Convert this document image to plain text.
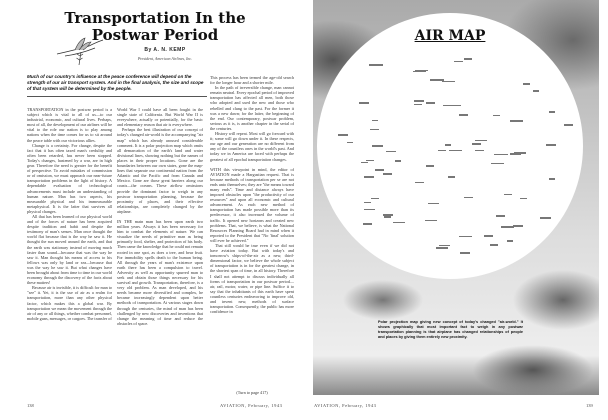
Transportation In the Postwar Period
By A. N. KEMP
President, American Airlines, Inc.
Much of our country's influence at the peace conference will depend on the strength of our air transport system. And in the final analysis, the size and scope of that system will be determined by the people.

TRANSPORTATION in the postwar period is a subject which is vital to all of us—to our industrial, economic, and cultural lives. Perhaps, most of all, the development of our airlines will be vital to the role our nation is to play among nations when the time comes for us to sit around the peace table with our victorious allies.

Change is a certainty. For change, despite the fact that it has often taxed man's credulity and often been retarded, has never been stopped. Today's changes, hastened by a war, are in high gear. Therefore the need is greater for the benefit of perspective. To avoid mistakes of commission or of omission, we must approach our near-future transportation problems in the light of history. A dependable evaluation of technological advancements must include an understanding of human nature. Man has two aspects, his measurable physical and his immeasurable metaphysical. It is the latter that survives all physical changes.

All that has been learned of our physical world and of the forces of nature has been acquired despite tradition and habit and despite the testimony of man's senses. Man once thought the world flat because that is the way he saw it. He thought the sun moved around the earth, and that the earth was stationary instead of moving much faster than sound—because that was the way he saw it. Man thought his means of access to his fellows was only by land or sea—because that was the way he saw it. But what changes have been brought about from time to time in our world economy through the discovery of the facts about these matters!

Because air is invisible, it is difficult for man to "see" it. Yet, it is the use of air as a realm for transportation, more than any other physical factor, which makes this a global war. By transportation we mean the movement through the air of any or all things, whether combat personnel, mobile guns, messages, or cargoes. The transfer of

World War I could have all been fought in the single state of California. But World War II is everywhere, actually or potentially, for the basic and elementary reason that air is everywhere.

Perhaps the best illustration of our concept of today's changed air-world is the accompanying "air map" which has already aroused considerable comment. It is a polar projection map which omits all demarcation of the earth's land and water divisional lines, showing nothing but the names of places in their proper locations. Gone are the boundaries between our own states, gone the map-lines that separate our continental nation from the Atlantic and the Pacific and from Canada and Mexico. Gone are those great barriers along our coasts—the oceans. These airflow omissions provide the dominant factor to weigh in any postwar transportation planning, because the proximity of places, and their effective relationships, are completely changed by the airplane.

IN THE main man has been upon earth two million years. Always it has been necessary for him to combat the elements of nature. We can visualize the needs of primitive man as being primarily food, shelter, and protection of his body. Then came the knowledge that he could not remain rooted in one spot, as does a tree, and bear fruit. For immobility spells death to the human being. All through the years of man's existence upon earth there has been a compulsion to travel. Adversity as well as opportunity spurred man to seek and obtain those things necessary for his survival and growth. Transportation, therefore, is a very old problem. As man developed, and his needs became more diversified and complex, he became increasingly dependent upon better methods of transportation. At various stages down through the centuries, the mind of man has been challenged by new discoveries and inventions that change the meaning of time and reduce the obstacles of space.

This process has been termed the age-old search for the longer hour and a shorter mile.

In the path of irreversible change, man cannot remain neutral. Every epochal period of improved transportation has affected all men, both those who adopted and used the new and those who rebelled and clung to the past. For the former it was a new dawn; for the latter, the beginning of the end. Our contemporary, postwar problem, serious as it is, is another chapter in the serial of the centuries.

History will repeat. Most will go forward with it; some will go down under it. In these respects, our age and our generation are no different from any of the countless ones in the world's past. And today we in America are faced with perhaps the greatest of all epochal transportation changes.

WITH this viewpoint in mind, the editor of AVIATION made a Hargustian request. That is because methods of transportation per se are not ends unto themselves; they are "the means toward many ends". Time and distance always have imposed obstacles upon "the productivity of our resources" and upon all economic and cultural advancement. As each new method of transportation has made possible more than its predecessor, it also increased the volume of traffic. It opened new horizons and created new problems. That, we believe, is what the National Resources Planning Board had in mind when it reported to the President that "No 'final' solution will ever be achieved."

That still would be true even if we did not have aviation today. But with today's and tomorrow's ships-of-the-air as a new, third-dimensional factor, we believe the whole subject of transportation is in for the greatest change, in the shortest span of time, in all history. Therefore I shall not attempt to discuss individually all forms of transportation in our postwar period—air, rail, motor, water, or pipe line. Suffice it to say that the inhabitants of this earth have spent countless centuries endeavoring to improve old, and invent new, methods of surface transportation. Consequently, the public has more confidence in

(Turn to page 417)

138	AVIATION, February, 1943
AIR MAP
Polar projection map giving new concept of today's changed "air-world." It shows graphically that most important fact to weigh in any postwar transportation planning is that airplane has changed relationships of people and places by giving them entirely new proximity.
AVIATION, February, 1943	139
